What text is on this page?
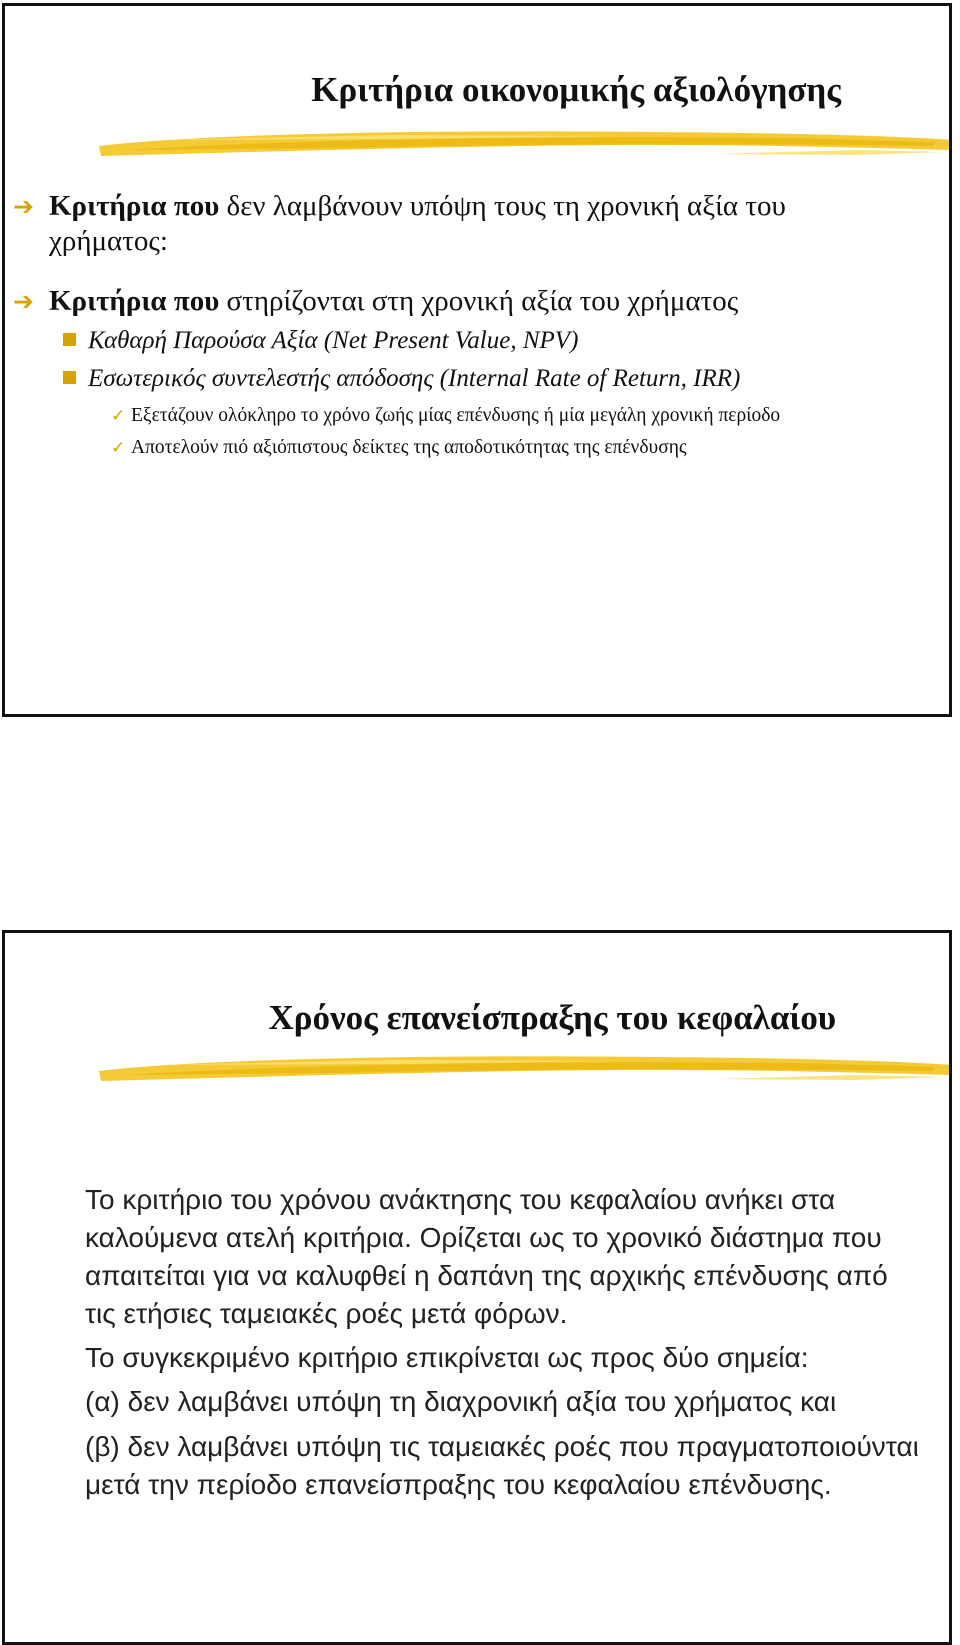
Κριτήρια οικονομικής αξιολόγησης

➔ Κριτήρια που δεν λαμβάνουν υπόψη τους τη χρονική αξία του
χρήματος:

➔ Κριτήρια που στηρίζονται στη χρονική αξία του χρήματος

Καθαρή Παρούσα Αξία (Net Present Value, NPV)

Εσωτερικός συντελεστής απόδοσης (Internal Rate of Return, IRR)

✓ Εξετάζουν ολόκληρο το χρόνο ζωής μίας επένδυσης ή μία μεγάλη χρονική περίοδο

✓ Αποτελούν πιό αξιόπιστους δείκτες της αποδοτικότητας της επένδυσης

Χρόνος επανείσπραξης του κεφαλαίου

Το κριτήριο του χρόνου ανάκτησης του κεφαλαίου ανήκει στα καλούμενα ατελή κριτήρια. Ορίζεται ως το χρονικό διάστημα που απαιτείται για να καλυφθεί η δαπάνη της αρχικής επένδυσης από τις ετήσιες ταμειακές ροές μετά φόρων.

Το συγκεκριμένο κριτήριο επικρίνεται ως προς δύο σημεία:

(α) δεν λαμβάνει υπόψη τη διαχρονική αξία του χρήματος και

(β) δεν λαμβάνει υπόψη τις ταμειακές ροές που πραγματοποιούνται μετά την περίοδο επανείσπραξης του κεφαλαίου επένδυσης.
